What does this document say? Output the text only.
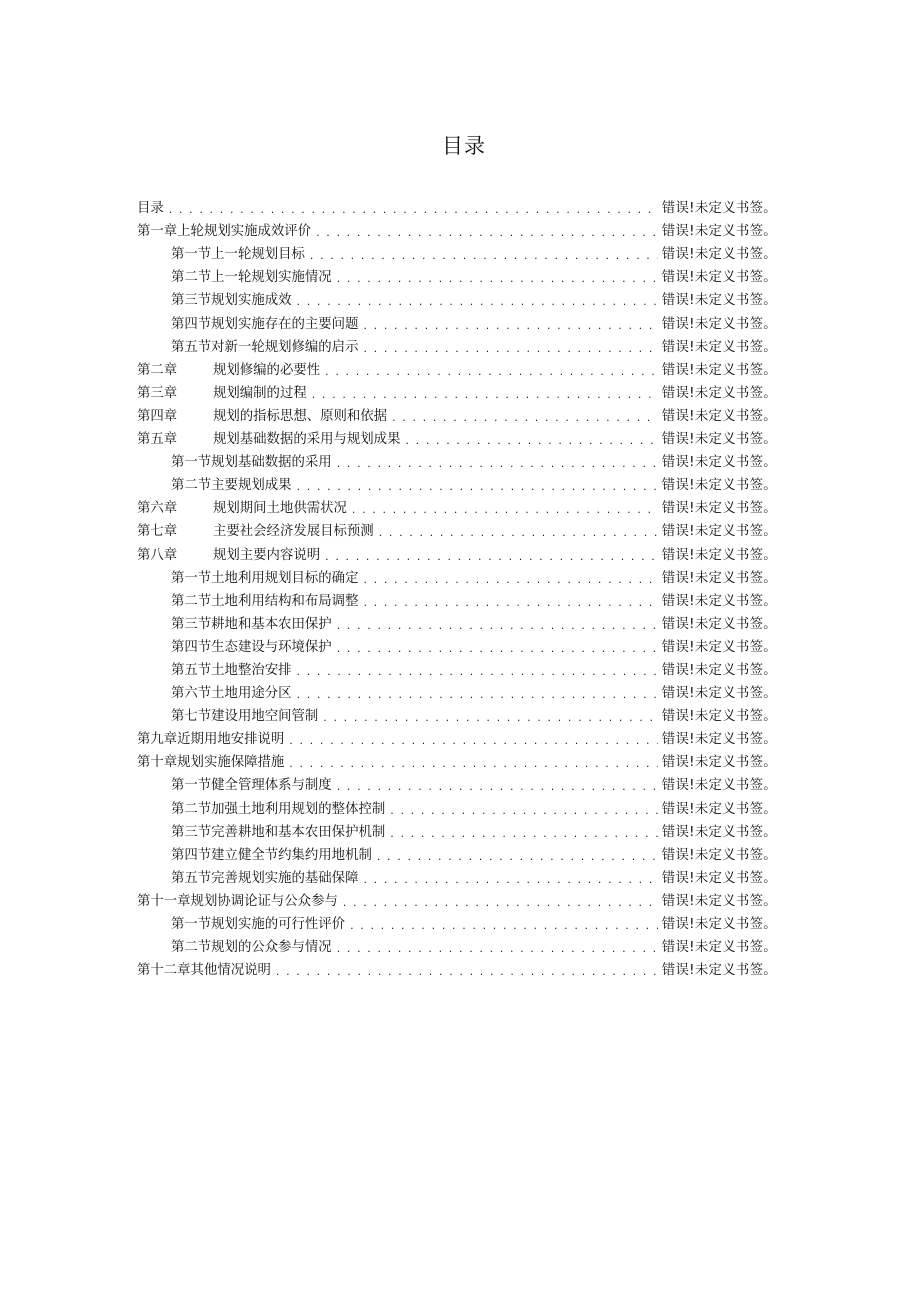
目录
目录 . . .	错误!未定义书签。
第一章上轮规划实施成效评价 . . .	错误!未定义书签。
第一节上一轮规划目标 . . .	错误!未定义书签。
第二节上一轮规划实施情况 . . .	错误!未定义书签。
第三节规划实施成效 . . .	错误!未定义书签。
第四节规划实施存在的主要问题 . . .	错误!未定义书签。
第五节对新一轮规划修编的启示 . . .	错误!未定义书签。
第二章	规划修编的必要性 . . .	错误!未定义书签。
第三章	规划编制的过程 . . .	错误!未定义书签。
第四章	规划的指标思想、原则和依据 . . .	错误!未定义书签。
第五章	规划基础数据的采用与规划成果 . . .	错误!未定义书签。
第一节规划基础数据的采用 . . .	错误!未定义书签。
第二节主要规划成果 . . .	错误!未定义书签。
第六章	规划期间土地供需状况 . . .	错误!未定义书签。
第七章	主要社会经济发展目标预测 . . .	错误!未定义书签。
第八章	规划主要内容说明 . . .	错误!未定义书签。
第一节土地利用规划目标的确定 . . .	错误!未定义书签。
第二节土地利用结构和布局调整 . . .	错误!未定义书签。
第三节耕地和基本农田保护 . . .	错误!未定义书签。
第四节生态建设与环境保护 . . .	错误!未定义书签。
第五节土地整治安排 . . .	错误!未定义书签。
第六节土地用途分区 . . .	错误!未定义书签。
第七节建设用地空间管制 . . .	错误!未定义书签。
第九章近期用地安排说明 . . .	错误!未定义书签。
第十章规划实施保障措施 . . .	错误!未定义书签。
第一节健全管理体系与制度 . . .	错误!未定义书签。
第二节加强土地利用规划的整体控制 . . .	错误!未定义书签。
第三节完善耕地和基本农田保护机制 . . .	错误!未定义书签。
第四节建立健全节约集约用地机制 . . .	错误!未定义书签。
第五节完善规划实施的基础保障 . . .	错误!未定义书签。
第十一章规划协调论证与公众参与 . . .	错误!未定义书签。
第一节规划实施的可行性评价 . . .	错误!未定义书签。
第二节规划的公众参与情况 . . .	错误!未定义书签。
第十二章其他情况说明 . . .	错误!未定义书签。
